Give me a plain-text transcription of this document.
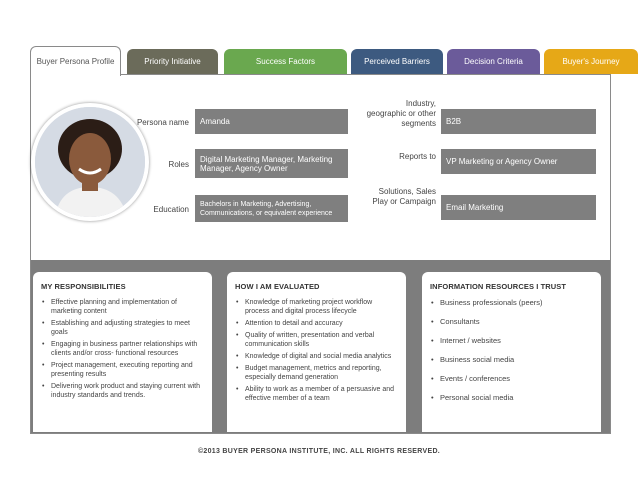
Buyer Persona Profile	Priority Initiative	Success Factors	Perceived Barriers	Decision Criteria	Buyer's Journey
Persona name	Amanda
Roles
Digital Marketing Manager, Marketing Manager, Agency Owner
Education
Bachelors in Marketing, Advertising, Communications, or equivalent experience
Industry, geographic or other segments	B2B
Reports to
VP Marketing or Agency Owner
Solutions, Sales Play or Campaign
Email Marketing
MY RESPONSIBILITIES
• Effective planning and implementation of marketing content
• Establishing and adjusting strategies to meet goals
• Engaging in business partner relationships with clients and/or cross- functional resources
• Project management, executing reporting and presenting results
• Delivering work product and staying current with industry standards and trends.
HOW I AM EVALUATED
• Knowledge of marketing project workflow process and digital process lifecycle
• Attention to detail and accuracy
• Quality of written, presentation and verbal communication skills
• Knowledge of digital and social media analytics
• Budget management, metrics and reporting, especially demand generation
• Ability to work as a member of a persuasive and effective member of a team
INFORMATION RESOURCES I TRUST
• Business professionals (peers)
• Consultants
• Internet / websites
• Business social media
• Events / conferences
• Personal social media
©2013 BUYER PERSONA INSTITUTE, INC. ALL RIGHTS RESERVED.
